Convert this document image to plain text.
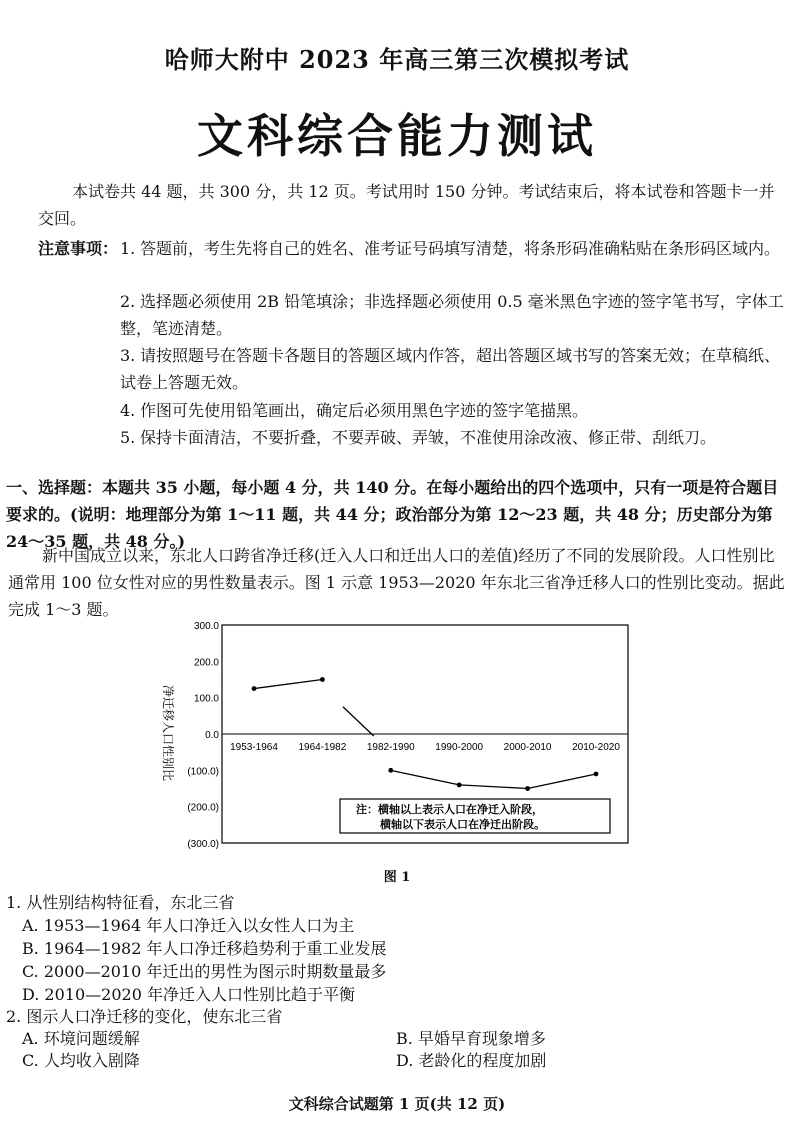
哈师大附中 2023 年高三第三次模拟考试
文科综合能力测试
本试卷共 44 题，共 300 分，共 12 页。考试用时 150 分钟。考试结束后，将本试卷和答题卡一并交回。
注意事项： 1. 答题前，考生先将自己的姓名、准考证号码填写清楚，将条形码准确粘贴在条形码区域内。
2. 选择题必须使用 2B 铅笔填涂；非选择题必须使用 0.5 毫米黑色字迹的签字笔书写，字体工整，笔迹清楚。
3. 请按照题号在答题卡各题目的答题区域内作答，超出答题区域书写的答案无效；在草稿纸、试卷上答题无效。
4. 作图可先使用铅笔画出，确定后必须用黑色字迹的签字笔描黑。
5. 保持卡面清洁，不要折叠，不要弄破、弄皱，不准使用涂改液、修正带、刮纸刀。
一、选择题：本题共 35 小题，每小题 4 分，共 140 分。在每小题给出的四个选项中，只有一项是符合题目要求的。(说明：地理部分为第 1～11 题，共 44 分；政治部分为第 12～23 题，共 48 分；历史部分为第 24～35 题，共 48 分。)
新中国成立以来，东北人口跨省净迁移(迁入人口和迁出人口的差值)经历了不同的发展阶段。人口性别比通常用 100 位女性对应的男性数量表示。图 1 示意 1953—2020 年东北三省净迁移人口的性别比变动。据此完成 1～3 题。
300.0
200.0
100.0
0.0
(100.0)
(200.0)
(300.0)
1953-1964 1964-1982 1982-1990 1990-2000 2000-2010 2010-2020
净迁移人口性别比
注：横轴以上表示人口在净迁入阶段，
横轴以下表示人口在净迁出阶段。
图 1
1. 从性别结构特征看，东北三省
A. 1953—1964 年人口净迁入以女性人口为主
B. 1964—1982 年人口净迁移趋势利于重工业发展
C. 2000—2010 年迁出的男性为图示时期数量最多
D. 2010—2020 年净迁入人口性别比趋于平衡
2. 图示人口净迁移的变化，使东北三省
A. 环境问题缓解	B. 早婚早育现象增多
C. 人均收入剧降	D. 老龄化的程度加剧
文科综合试题第 1 页(共 12 页)
